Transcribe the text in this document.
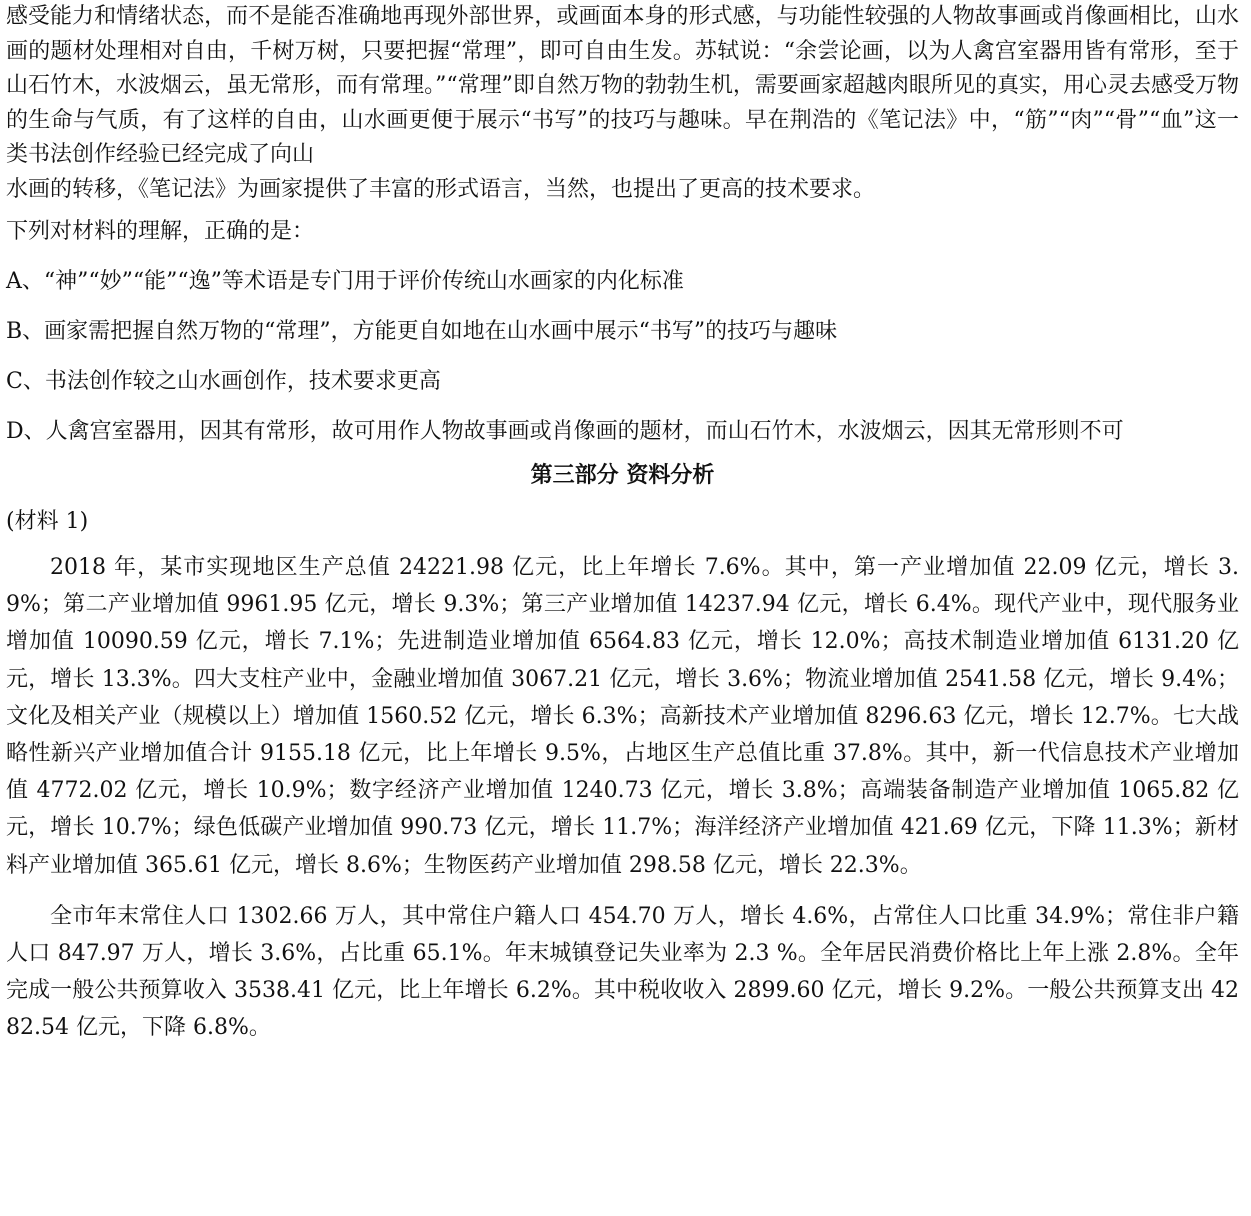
感受能力和情绪状态，而不是能否准确地再现外部世界，或画面本身的形式感，与功能性较强的人物故事画或肖像画相比，山水画的题材处理相对自由，千树万树，只要把握“常理”，即可自由生发。苏轼说：“余尝论画，以为人禽宫室器用皆有常形，至于山石竹木，水波烟云，虽无常形，而有常理。”“常理”即自然万物的勃勃生机，需要画家超越肉眼所见的真实，用心灵去感受万物的生命与气质，有了这样的自由，山水画更便于展示“书写”的技巧与趣味。早在荆浩的《笔记法》中，“筋”“肉”“骨”“血”这一类书法创作经验已经完成了向山

水画的转移，《笔记法》为画家提供了丰富的形式语言，当然，也提出了更高的技术要求。

下列对材料的理解，正确的是：

A、“神”“妙”“能”“逸”等术语是专门用于评价传统山水画家的内化标准

B、画家需把握自然万物的“常理”，方能更自如地在山水画中展示“书写”的技巧与趣味

C、书法创作较之山水画创作，技术要求更高

D、人禽宫室器用，因其有常形，故可用作人物故事画或肖像画的题材，而山石竹木，水波烟云，因其无常形则不可

第三部分 资料分析

(材料 1)

2018 年，某市实现地区生产总值 24221.98 亿元，比上年增长 7.6%。其中，第一产业增加值 22.09 亿元，增长 3.9%；第二产业增加值 9961.95 亿元，增长 9.3%；第三产业增加值 14237.94 亿元，增长 6.4%。现代产业中，现代服务业增加值 10090.59 亿元，增长 7.1%；先进制造业增加值 6564.83 亿元，增长 12.0%；高技术制造业增加值 6131.20 亿元，增长 13.3%。四大支柱产业中，金融业增加值 3067.21 亿元，增长 3.6%；物流业增加值 2541.58 亿元，增长 9.4%；文化及相关产业（规模以上）增加值 1560.52 亿元，增长 6.3%；高新技术产业增加值 8296.63 亿元，增长 12.7%。七大战略性新兴产业增加值合计 9155.18 亿元，比上年增长 9.5%，占地区生产总值比重 37.8%。其中，新一代信息技术产业增加值 4772.02 亿元，增长 10.9%；数字经济产业增加值 1240.73 亿元，增长 3.8%；高端装备制造产业增加值 1065.82 亿元，增长 10.7%；绿色低碳产业增加值 990.73 亿元，增长 11.7%；海洋经济产业增加值 421.69 亿元，下降 11.3%；新材料产业增加值 365.61 亿元，增长 8.6%；生物医药产业增加值 298.58 亿元，增长 22.3%。

全市年末常住人口 1302.66 万人，其中常住户籍人口 454.70 万人，增长 4.6%，占常住人口比重 34.9%；常住非户籍人口 847.97 万人，增长 3.6%，占比重 65.1%。年末城镇登记失业率为 2.3 %。全年居民消费价格比上年上涨 2.8%。全年完成一般公共预算收入 3538.41 亿元，比上年增长 6.2%。其中税收收入 2899.60 亿元，增长 9.2%。一般公共预算支出 4282.54 亿元，下降 6.8%。
